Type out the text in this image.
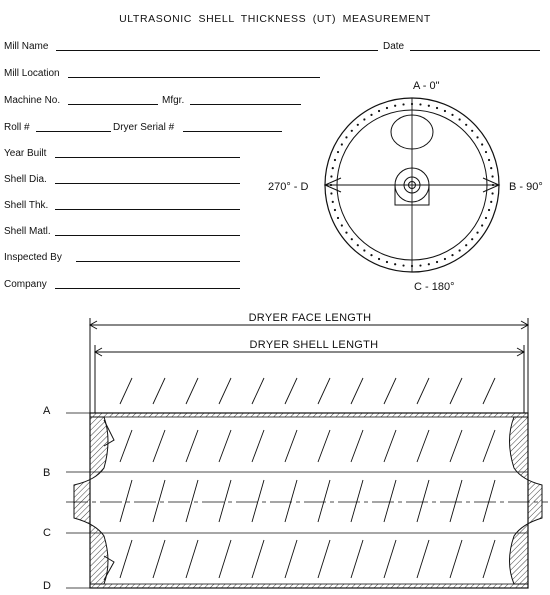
ULTRASONIC SHELL THICKNESS (UT) MEASUREMENT
Mill Name	Date
Mill Location
Machine No.	Mfgr.
Roll #	Dryer Serial #
Year Built
Shell Dia.
Shell Thk.
Shell Matl.
Inspected By
Company
A - 0"
B - 90°
C - 180°
270° - D
DRYER FACE LENGTH
DRYER SHELL LENGTH
A
B
C
D
